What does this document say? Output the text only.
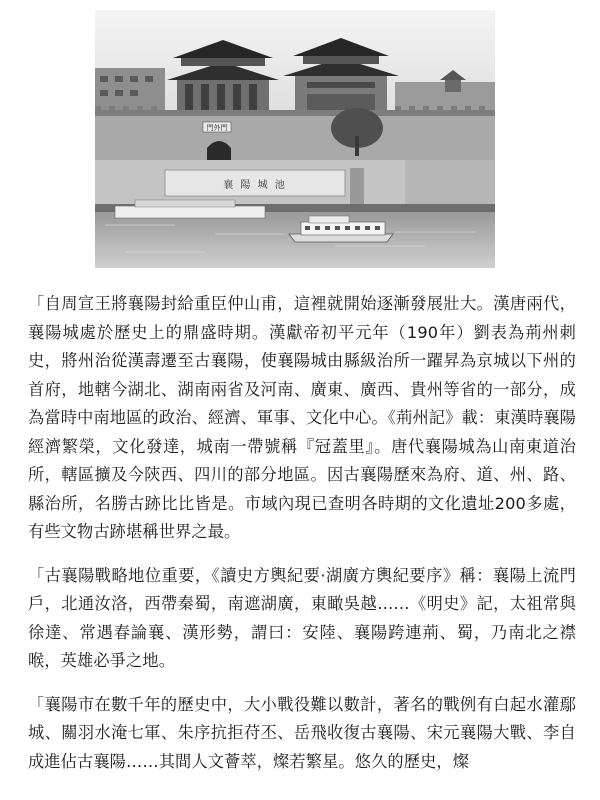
門外門
襄 陽 城 池

「自周宣王將襄陽封給重臣仲山甫，這裡就開始逐漸發展壯大。漢唐兩代，襄陽城處於歷史上的鼎盛時期。漢獻帝初平元年（190年）劉表為荊州刺史，將州治從漢壽遷至古襄陽，使襄陽城由縣級治所一躍昇為京城以下州的首府，地轄今湖北、湖南兩省及河南、廣東、廣西、貴州等省的一部分，成為當時中南地區的政治、經濟、軍事、文化中心。《荊州記》載：東漢時襄陽經濟繁榮，文化發達，城南一帶號稱『冠蓋里』。唐代襄陽城為山南東道治所，轄區擴及今陝西、四川的部分地區。因古襄陽歷來為府、道、州、路、縣治所，名勝古跡比比皆是。市域內現已查明各時期的文化遺址200多處，有些文物古跡堪稱世界之最。

「古襄陽戰略地位重要，《讀史方輿紀要·湖廣方輿紀要序》稱：襄陽上流門戶，北通汝洛，西帶秦蜀，南遮湖廣，東瞰吳越……《明史》記，太祖常與徐達、常遇春論襄、漢形勢，謂曰：安陸、襄陽跨連荊、蜀，乃南北之襟喉，英雄必爭之地。

「襄陽市在數千年的歷史中，大小戰役難以數計，著名的戰例有白起水灌鄢城、關羽水淹七軍、朱序抗拒苻丕、岳飛收復古襄陽、宋元襄陽大戰、李自成進佔古襄陽……其間人文薈萃，燦若繁星。悠久的歷史，燦
